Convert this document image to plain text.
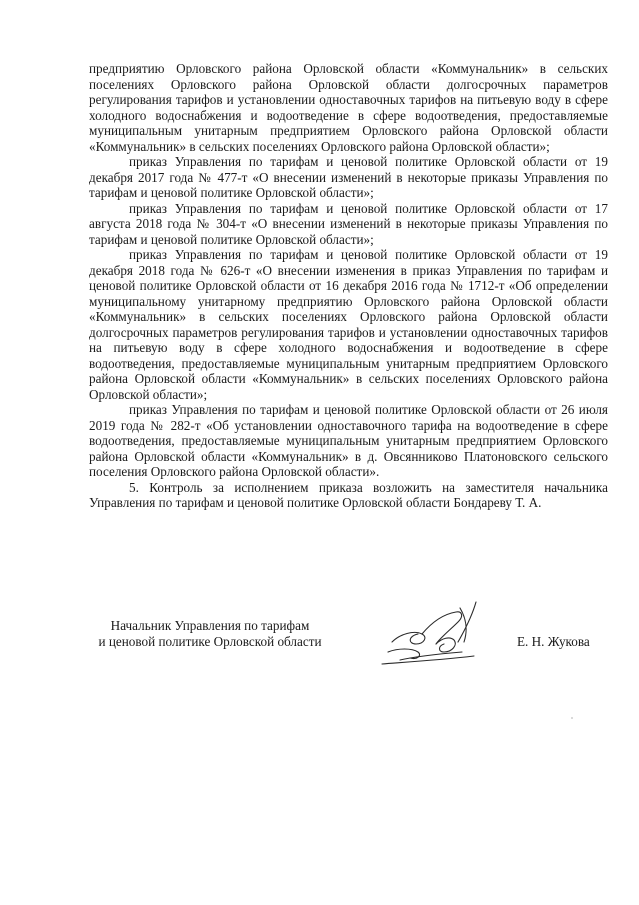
предприятию Орловского района Орловской области «Коммунальник» в сельских поселениях Орловского района Орловской области долгосрочных параметров регулирования тарифов и установлении одноставочных тарифов на питьевую воду в сфере холодного водоснабжения и водоотведение в сфере водоотведения, предоставляемые муниципальным унитарным предприятием Орловского района Орловской области «Коммунальник» в сельских поселениях Орловского района Орловской области»;

приказ Управления по тарифам и ценовой политике Орловской области от 19 декабря 2017 года № 477-т «О внесении изменений в некоторые приказы Управления по тарифам и ценовой политике Орловской области»;

приказ Управления по тарифам и ценовой политике Орловской области от 17 августа 2018 года № 304-т «О внесении изменений в некоторые приказы Управления по тарифам и ценовой политике Орловской области»;

приказ Управления по тарифам и ценовой политике Орловской области от 19 декабря 2018 года № 626-т «О внесении изменения в приказ Управления по тарифам и ценовой политике Орловской области от 16 декабря 2016 года № 1712-т «Об определении муниципальному унитарному предприятию Орловского района Орловской области «Коммунальник» в сельских поселениях Орловского района Орловской области долгосрочных параметров регулирования тарифов и установлении одноставочных тарифов на питьевую воду в сфере холодного водоснабжения и водоотведение в сфере водоотведения, предоставляемые муниципальным унитарным предприятием Орловского района Орловской области «Коммунальник» в сельских поселениях Орловского района Орловской области»;

приказ Управления по тарифам и ценовой политике Орловской области от 26 июля 2019 года № 282-т «Об установлении одноставочного тарифа на водоотведение в сфере водоотведения, предоставляемые муниципальным унитарным предприятием Орловского района Орловской области «Коммунальник» в д. Овсянниково Платоновского сельского поселения Орловского района Орловской области».

5. Контроль за исполнением приказа возложить на заместителя начальника Управления по тарифам и ценовой политике Орловской области Бондареву Т. А.

Начальник Управления по тарифам
и ценовой политике Орловской области	Е. Н. Жукова
